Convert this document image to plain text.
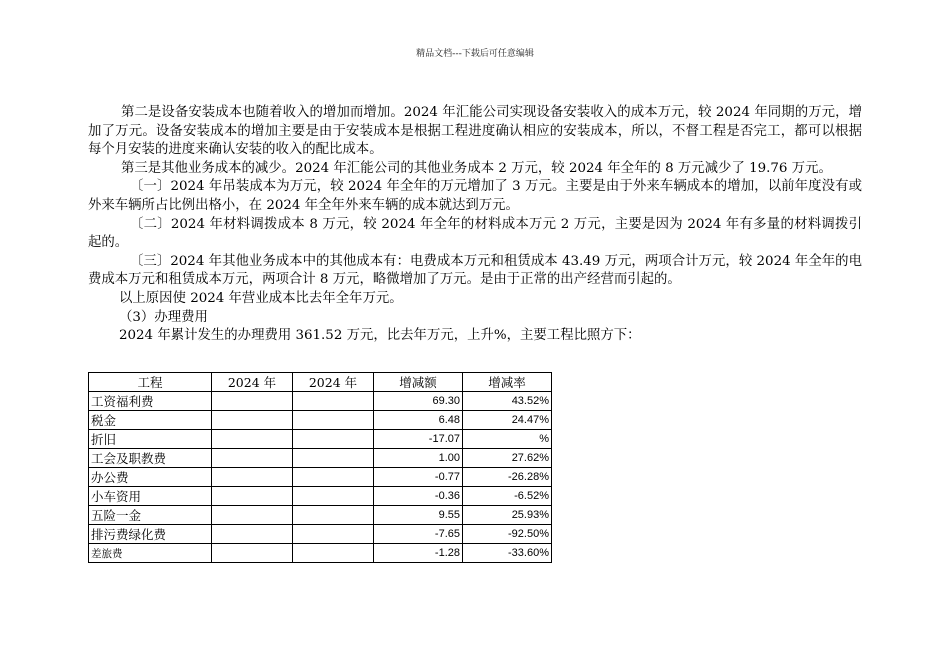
精品文档---下载后可任意编辑

第二是设备安装成本也随着收入的增加而增加。2024 年汇能公司实现设备安装收入的成本万元，较 2024 年同期的万元，增加了万元。设备安装成本的增加主要是由于安装成本是根据工程进度确认相应的安装成本，所以，不督工程是否完工，都可以根据每个月安装的进度来确认安装的收入的配比成本。

第三是其他业务成本的减少。2024 年汇能公司的其他业务成本 2 万元，较 2024 年全年的 8 万元减少了 19.76 万元。

〔一〕2024 年吊装成本为万元，较 2024 年全年的万元增加了 3 万元。主要是由于外来车辆成本的增加，以前年度没有或外来车辆所占比例出格小，在 2024 年全年外来车辆的成本就达到万元。

〔二〕2024 年材料调拨成本 8 万元，较 2024 年全年的材料成本万元 2 万元，主要是因为 2024 年有多量的材料调拨引起的。

〔三〕2024 年其他业务成本中的其他成本有：电费成本万元和租赁成本 43.49 万元，两项合计万元，较 2024 年全年的电费成本万元和租赁成本万元，两项合计 8 万元，略微增加了万元。是由于正常的出产经营而引起的。

以上原因使 2024 年营业成本比去年全年万元。

（3）办理费用

2024 年累计发生的办理费用 361.52 万元，比去年万元，上升%，主要工程比照方下：

工程	2024 年	2024 年	增减额	增减率
工资福利费			69.30	43.52%
税金			6.48	24.47%
折旧			-17.07	%
工会及职教费			1.00	27.62%
办公费			-0.77	-26.28%
小车资用			-0.36	-6.52%
五险一金			9.55	25.93%
排污费绿化费			-7.65	-92.50%
差旅费			-1.28	-33.60%
